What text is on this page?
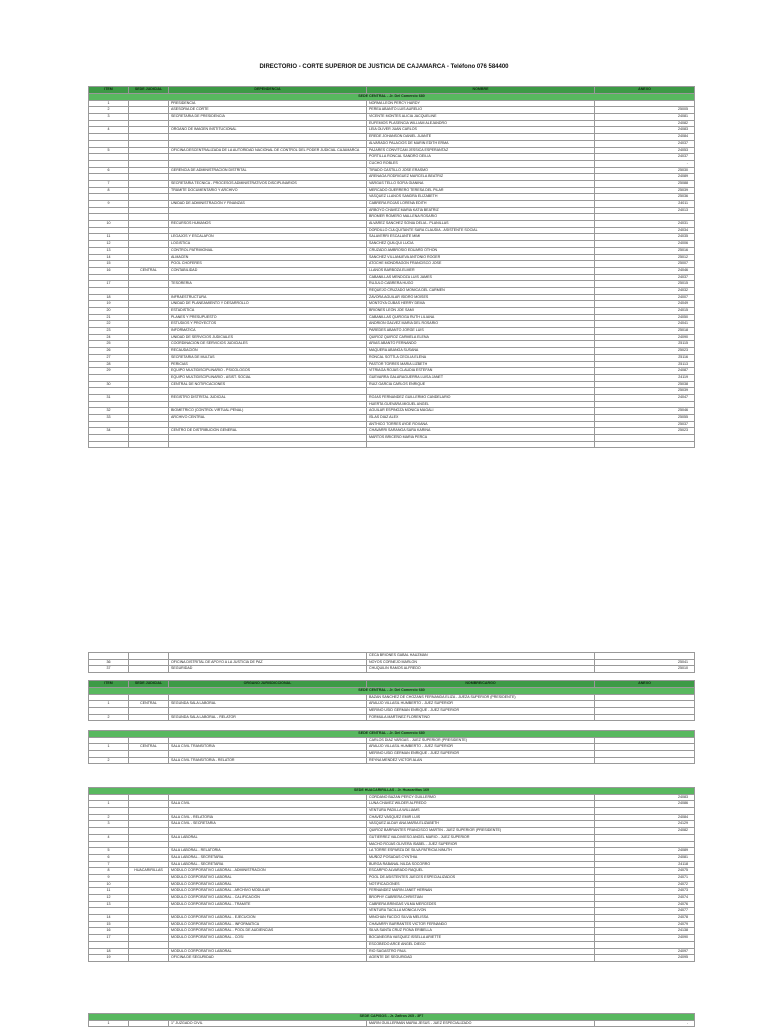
DIRECTORIO - CORTE SUPERIOR DE JUSTICIA DE CAJAMARCA - Teléfono 076 584400
ITEM	SEDE JUDICIAL	DEPENDENCIA	NOMBRE	ANEXO
SEDE CENTRAL - Jr. Del Comercio 680				
1		PRESIDENCIA	NORMA LEON PERCY HARDY	
2		ASESORIA DE CORTE	PEREA ABANTO LUIS AURELIO	25005
3		SECRETARIA DE PRESIDENCIA	VICENTE MONTES ALICIA JACQUELINE	24081
			EUFEMIOS PLASENCIA WILLIAM ALEJANDRO	24082
4		ORGANO DE IMAGEN INSTITUCIONAL	LEIA OLIVER JUAN CARLOS	24083
			EREDE JOHANSON DANIEL JUANTE	24084
			ALVARADO PALACIOS DE MARIN EDITH ERMA	24037
5		OFICINA DESCENTRALIZADA DE LA AUTORIDAD NACIONAL DE CONTROL DEL PODER JUDICIAL CAJAMARCA	PAJARES CONVITCAM JESSICA ESPERANTAZ	24053
			PORTILLA RONCAL SANDRO DEILIA	24037
			CUCHO ROBLES	-
6		GERENCIA DE ADMINISTRACION DISTRITAL	TIRADO CASTILLO JOSE ERASMO	25030
			ARENAGA RODRIGUEZ MARCELA BEATRIZ	24089
7		SECRETARIA TECNICA - PROCESOS ADMINISTRATIVOS DISCIPLINARIOS	VARGAS TELLO SOFIA GIANINA	25088
8		TRÁMITE DOCUMENTARIO Y ARCHIVO	MERCADO GUERRERO TERESA DEL PILAR	25039
			VASQUEZ LLANOS SANDRA ELIZABETH	25036
9		UNIDAD DE ADMINISTRACIÓN Y FINANZAS	CABRERA ROJAS LORENA EDITH	24011
			ARBOYO CHAVEZ MARIA KATIA BEATRIZ	24013
			BROMER ROMERO MALLENA ROSARIO	
10		RECURSOS HUMANOS	ALVAREZ SANCHEZ SONIA DELIA - PLANILLAS	24031
			DORDILLO CULQUITANTE SARA CLAUDIA - ASISTENTE SOCIAL	24034
11		LEGAJOS Y ESCALAFON	SALAVERRI ESCALANTE MIMI	24035
12		LOGISTICA	SANCHEZ QUILQUI LUCIA	24006
13		CONTROL PATRIMONIAL	CRUZADO AMBROSIO EDUARD OTHON	25016
14		ALMACEN	SANCHEZ VILLANUEVA ANTONIO ROGER	25012
15		POOL CHOFERES	ATOCHE MONDRAGON FRANCISCO JOSE	25007
16	CENTRAL	CONTABILIDAD	LLANOS BARBOZA ELMER	24046
			CABANILLAS MENDOZA LUIS JAMES	24037
17		TESORERIA	RUJULO CABRERA HUGO	25015
			REQUEJO CRUZADO MONICA DEL CARMEN	24032
18		INFRAESTRUCTURA	ZAVORA AGUILAR ISIDRO MOISES	24007
19		UNIDAD DE PLANEAMIENTO Y DESARROLLO	MONTOYA CUBAS HERRY DEMA	24049
20		ESTADISTICA	BRIONES LEÓN JOE SAMI	24015
21		PLANES Y PRESUPUESTO	CABANILLAS QUIROGA RUTH LILIANA	24050
22		ESTUDIOS Y PROYECTOS	ANDRION GALVEZ MARIA DEL ROSARIO	24041
23		INFORMATICA	PAREDES ABANTO JORGE LUIS	25018
24		UNIDAD DE SERVICIOS JUDICIALES	QUIROZ QUIROZ CARMELA ELENA	24090
25		COORDINACION DE SERVICIOS JUDICIALES	ARIAS ABANTO FERNANDO	25115
26		RECAUDACIÓN	MAQUERA ABANGA SUSANA	25023
27		SECRETARIA DE MULTAS	RONCAL SOTTLA CECILIA ELENA	25116
28		PERICIAS	PASTOR TORRES MARIA LIZBETH	25113
29		EQUIPO MULTIDISCIPLINARIO - PSICOLOGOS	VITRIAGA ROJAS CLAUDIA ESTEFAN	24087
		EQUIPO MULTIDISCIPLINARIO - ASIST. SOCIAL	GUEVARRA GALARAGUERRA LUISA JANET	24119
30		CENTRAL DE NOTIFICACIONES	RUIZ GARCIA CARLOS ENRIQUE	25038
				25039
31		REGISTRO DISTRITAL JUDICIAL	ROJAS FERNANDEZ GUILLERMO CANDELARIO	24047
			HUERTA GUEVARA MIGUEL ANGEL	
32		BIOMETRICO (CONTROL VIRTUAL PENAL)	AGUILAR ESPINOZA MONICA MAGALI	25046
33		ARCHIVO CENTRAL	ISLAS DIAZ ALEX	25055
			ANTHICO TORRES AYDE ROXANA	25037
34		CENTRO DE DISTRIBUCION GENERAL	CHAVARRI SARANGA SARA KARINA	25023
			MARTOS BRICEÑO MARIA PERCA	

			CECA BRIONES GABAL HAUZMAN	
36		OFICINA DISTRITAL DE APOYO A LA JUSTICIA DE PAZ	NOYOS CORNEJO MARLON	25041
37		SEGURIDAD	CHUQUILIN RAMOS ALFREDO	25010
ITEM	SEDE JUDICIAL	ORGANO JURISDICCIONAL	NOMBRE/CARGO	ANEXO
SEDE CENTRAL - Jr. Del Comercio 680				
			BAZAN SANCHEZ DE CHOZANS FERNANDA ELIZA - JUEZA SUPERIOR (PRESIDENTE)	
1	CENTRAL	SEGUNDA SALA LABORAL	ARAUJO VILLASIL HUMBERTO - JUEZ SUPERIOR	
			MERINO USID GERMAN ENRIQUE - JUEZ SUPERIOR	
2		SEGUNDA SALA LABORAL - RELATOR	FORMULA MARTINEZ FLORENTINO	
SEDE CENTRAL - Jr. Del Comercio 680				
			CARLOS DIAZ VARGAS - JUEZ SUPERIOR (PRESIDENTE)	
1	CENTRAL	SALA CIVIL TRANSITORIA	ARAUJO VILLASIL HUMBERTO - JUEZ SUPERIOR	
			MERINO USID GERMAN ENRIQUE - JUEZ SUPERIOR	
2		SALA CIVIL TRANSITORIA - RELATOR	REYNA MENDEZ VICTOR ALAN	
SEDE HUACARIRILLAS - Jr. Huacariñas 169				
			CORDANO BAZAN PERCY GUILLERMO	24083
1		SALA CIVIL	LUNA CHAVEZ WILDER ALFREDO	24086
			VENTURA PADILLA WILLIAMS	
2		SALA CIVIL - RELATORIA	CHAVEZ VASQUEZ EMIR LUIS	24084
3		SALA CIVIL - SECRETARIA	VASQUEZ ALDAY ANA MARÍA ELIZABETH	24129
			QUIROZ BARRANTES FRANCISCO MARTIN - JUEZ SUPERIOR (PRESIDENTE)	24082
4		SALA LABORAL	GUTIERREZ VALDIVIESO ANGEL MARIO - JUEZ SUPERIOR	
			MACHO ROJAS OLIVERA ISABEL - JUEZ SUPERIOR	
5		SALA LABORAL - RELATORIA	LA TORRE ESPARZA DE SILVA PATRICIA NINUTH	24089
6		SALA LABORAL - SECRETARIA	MUÑOZ POSADAS CYNTHIA	24081
7		SALA LABORAL - SECRETARIA	BURGA RABANAL NILDA SOCORRO	24118
8	HUACARIRILLAS	MODULO CORPORATIVO LABORAL - ADMINISTRACION	ESCARPIO ALVARADO RAQUEL	24075
9		MODULO CORPORATIVO LABORAL	POOL DE ASISTENTES JUECES ESPECIALIZADOS	24071
10		MODULO CORPORATIVO LABORAL	NOTIFICACIONES	24072
11		MODULO CORPORATIVO LABORAL - ARCHIVO MODULAR	FERNANDEZ MARIN JANET HERNAN	24073
12		MODULO CORPORATIVO LABORAL - CALIFICACIÓN	BROPHY CABRERA CHRISTIAN	24074
13		MODULO CORPORATIVO LABORAL - TRAMITE	CABRERA BRINGAS VILMA MERCEDES	24076
			VENTURA TACILLA MONICA IVON	24077
14		MODULO CORPORATIVO LABORAL - EJECUCION	MINCHAN FACCIO SILVIA MELISSA	24078
15		MODULO CORPORATIVO LABORAL - INFORMATICA	CHAVARRY BARRANTES VICTOR FERNANDO	24079
16		MODULO CORPORATIVO LABORAL - POOL DE AUDIENCIAS	SILVA SANTA CRUZ FIONA ERIBELLA	24138
17		MODULO CORPORATIVO LABORAL - COSI	BOCANEGRA VASQUEZ ISSELLA ARIETTE	24090
			ESCOBEDO ARCE ANGEL DIEGO	
18		MODULO CORPORATIVO LABORAL	RIO SAGASTRO PAUL	24097
19		OFICINA DE SEGURIDAD	AGENTE DE SEGURIDAD	24095
SEDE CAPISOS - Jr. Zafiros 265 - 3F7
1		1° JUZGADO CIVIL	MARIN GUILLERMAN MARIA JESUS - JUEZ ESPECIALIZADO	-
